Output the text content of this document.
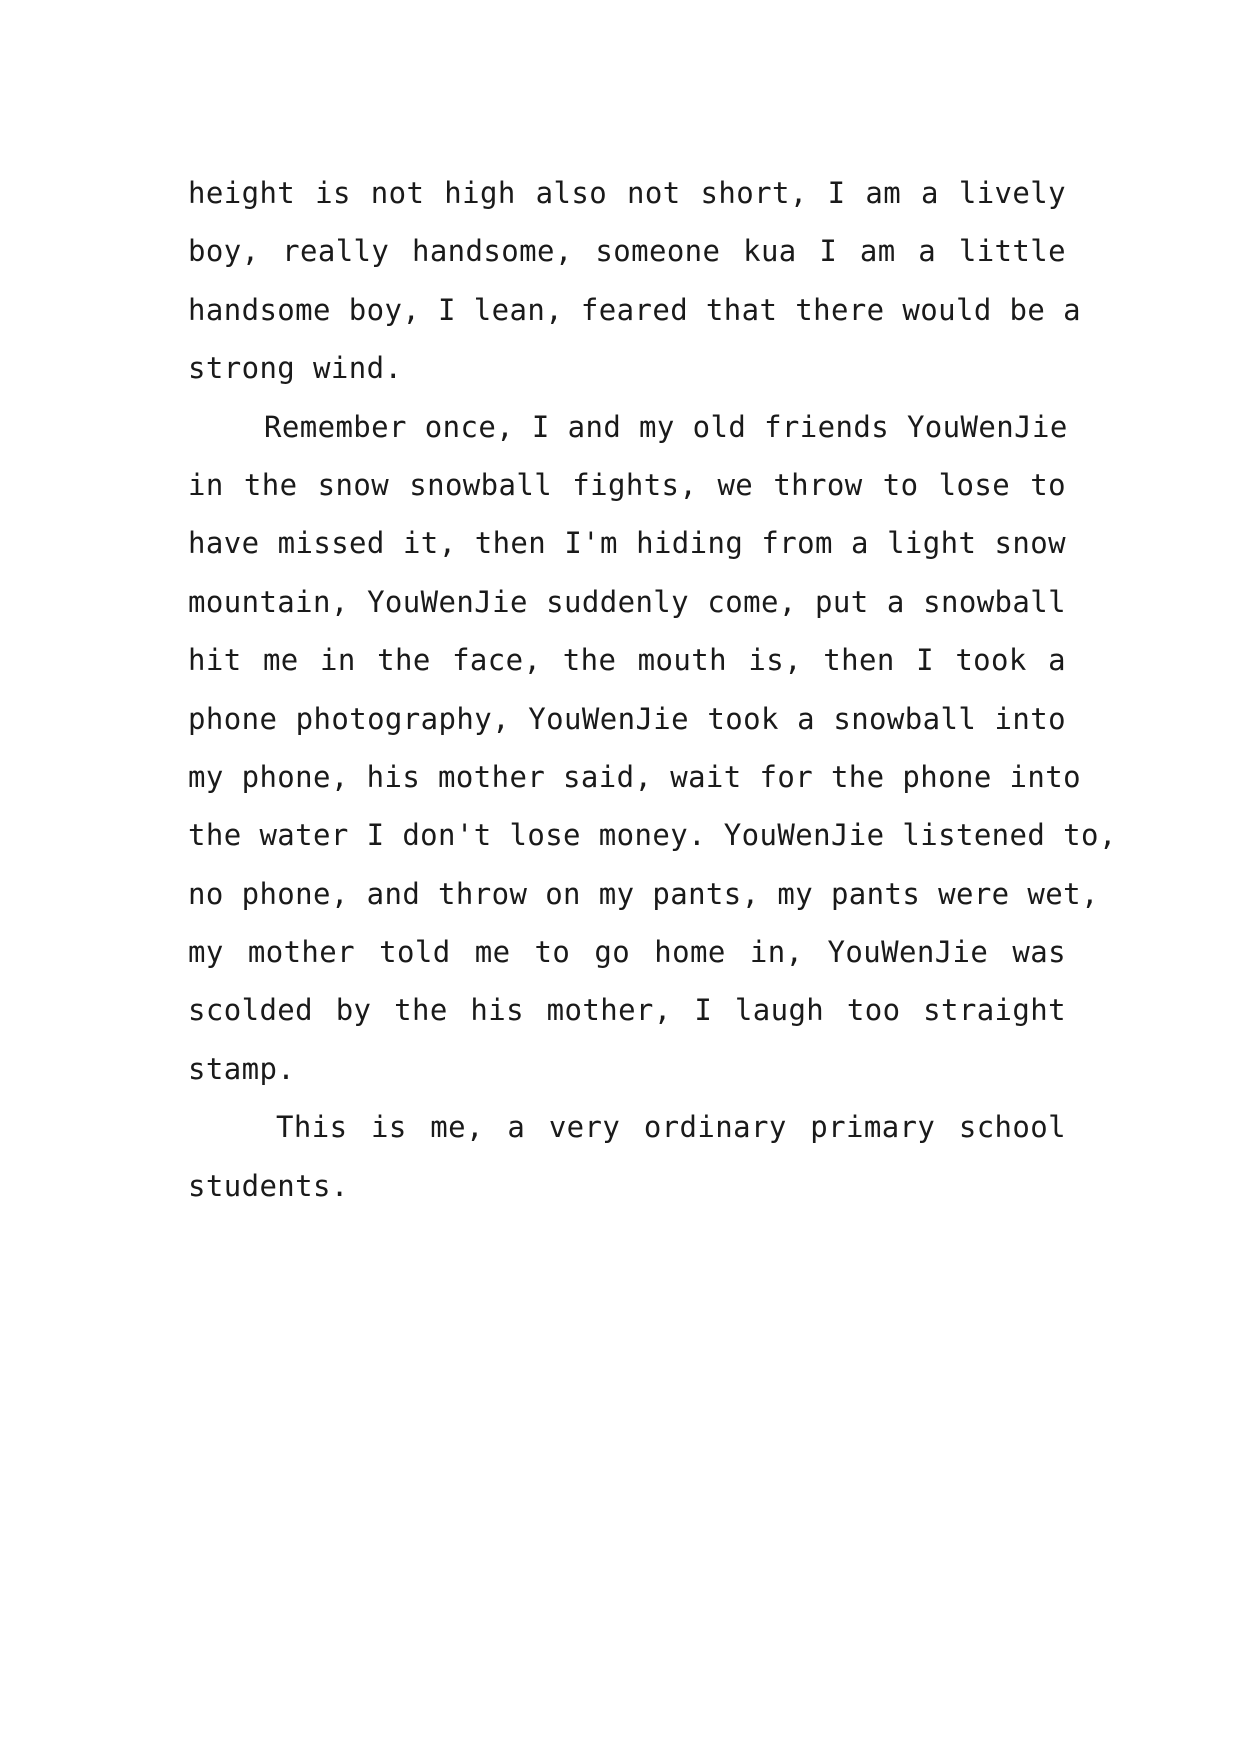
height is not high also not short, I am a lively
boy, really handsome, someone kua I am a little
handsome boy, I lean, feared that there would be a
strong wind.
Remember once, I and my old friends YouWenJie
in the snow snowball fights, we throw to lose to
have missed it, then I'm hiding from a light snow
mountain, YouWenJie suddenly come, put a snowball
hit me in the face, the mouth is, then I took a
phone photography, YouWenJie took a snowball into
my phone, his mother said, wait for the phone into
the water I don't lose money. YouWenJie listened to,
no phone, and throw on my pants, my pants were wet,
my mother told me to go home in, YouWenJie was
scolded by the his mother, I laugh too straight
stamp.
This is me, a very ordinary primary school
students.
